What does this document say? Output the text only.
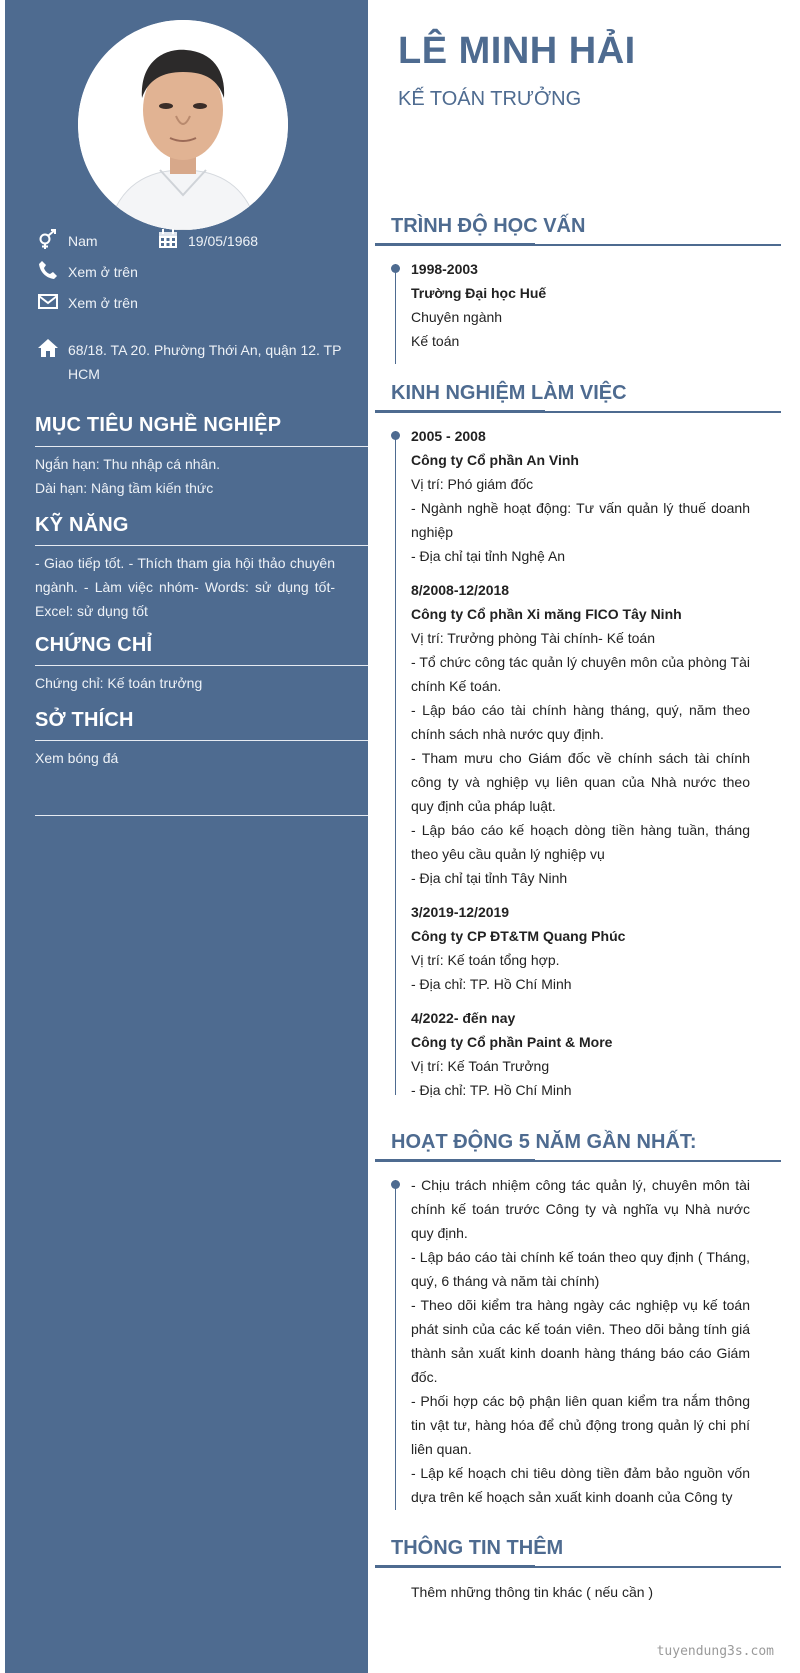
Nam	19/05/1968
Xem ở trên
Xem ở trên
68/18. TA 20. Phường Thới An, quận 12. TP HCM
MỤC TIÊU NGHỀ NGHIỆP
Ngắn hạn: Thu nhập cá nhân.
Dài hạn: Nâng tầm kiến thức
KỸ NĂNG
- Giao tiếp tốt. - Thích tham gia hội thảo chuyên ngành. - Làm việc nhóm- Words: sử dụng tốt- Excel: sử dụng tốt
CHỨNG CHỈ
Chứng chỉ: Kế toán trưởng
SỞ THÍCH
Xem bóng đá
LÊ MINH HẢI
KẾ TOÁN TRƯỞNG
TRÌNH ĐỘ HỌC VẤN
1998-2003
Trường Đại học Huế
Chuyên ngành
Kế toán
KINH NGHIỆM LÀM VIỆC
2005 - 2008
Công ty Cổ phần An Vinh
Vị trí: Phó giám đốc
- Ngành nghề hoạt động: Tư vấn quản lý thuế doanh nghiệp
- Địa chỉ tại tỉnh Nghệ An
8/2008-12/2018
Công ty Cổ phần Xi măng FICO Tây Ninh
Vị trí: Trưởng phòng Tài chính- Kế toán
- Tổ chức công tác quản lý chuyên môn của phòng Tài chính Kế toán.
- Lập báo cáo tài chính hàng tháng, quý, năm theo chính sách nhà nước quy định.
- Tham mưu cho Giám đốc về chính sách tài chính công ty và nghiệp vụ liên quan của Nhà nước theo quy định của pháp luật.
- Lập báo cáo kế hoạch dòng tiền hàng tuần, tháng theo yêu cầu quản lý nghiệp vụ
- Địa chỉ tại tỉnh Tây Ninh
3/2019-12/2019
Công ty CP ĐT&TM Quang Phúc
Vị trí: Kế toán tổng hợp.
- Địa chỉ: TP. Hồ Chí Minh
4/2022- đến nay
Công ty Cổ phần Paint & More
Vị trí: Kế Toán Trưởng
- Địa chỉ: TP. Hồ Chí Minh
HOẠT ĐỘNG 5 NĂM GẦN NHẤT:
- Chịu trách nhiệm công tác quản lý, chuyên môn tài chính kế toán trước Công ty và nghĩa vụ Nhà nước quy định.
- Lập báo cáo tài chính kế toán theo quy định ( Tháng, quý, 6 tháng và năm tài chính)
- Theo dõi kiểm tra hàng ngày các nghiệp vụ kế toán phát sinh của các kế toán viên. Theo dõi bảng tính giá thành sản xuất kinh doanh hàng tháng báo cáo Giám đốc.
- Phối hợp các bộ phận liên quan kiểm tra nắm thông tin vật tư, hàng hóa để chủ động trong quản lý chi phí liên quan.
- Lập kế hoạch chi tiêu dòng tiền đảm bảo nguồn vốn dựa trên kế hoạch sản xuất kinh doanh của Công ty
THÔNG TIN THÊM
Thêm những thông tin khác ( nếu cần )
tuyendung3s.com
